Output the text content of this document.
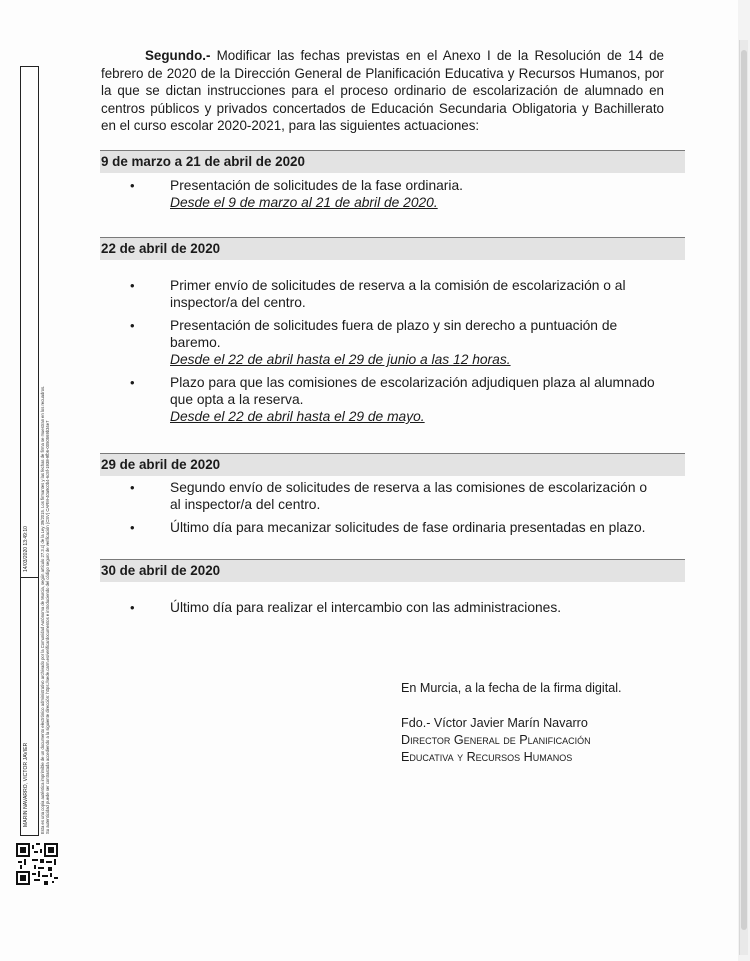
MARIN NAVARRO, VICTOR JAVIER
14/03/2020 13:49:10	Esta es una copia auténtica imprimible de un documento electrónico administrativo archivado por la Comunidad Autónoma de Murcia, según artículo 27.3.c) de la Ley 39/2015. Los firmantes y las fechas de firma se muestran en los recuadros. Su autenticidad puede ser contrastada accediendo a la siguiente dirección: https://sede.carm.es/verificardocumentos e introduciendo del código seguro de verificación (CSV) CARM-40a9c0b4-6c5f-1938-9fb6-0050569b34e7

Segundo.- Modificar las fechas previstas en el Anexo I de la Resolución de 14 de febrero de 2020 de la Dirección General de Planificación Educativa y Recursos Humanos, por la que se dictan instrucciones para el proceso ordinario de escolarización de alumnado en centros públicos y privados concertados de Educación Secundaria Obligatoria y Bachillerato en el curso escolar 2020-2021, para las siguientes actuaciones:

9 de marzo a 21 de abril de 2020
•	Presentación de solicitudes de la fase ordinaria.
Desde el 9 de marzo al 21 de abril de 2020.
22 de abril de 2020
•	Primer envío de solicitudes de reserva a la comisión de escolarización o al inspector/a del centro.
•	Presentación de solicitudes fuera de plazo y sin derecho a puntuación de baremo.
Desde el 22 de abril hasta el 29 de junio a las 12 horas.
•	Plazo para que las comisiones de escolarización adjudiquen plaza al alumnado que opta a la reserva.
Desde el 22 de abril hasta el 29 de mayo.
29 de abril de 2020
•	Segundo envío de solicitudes de reserva a las comisiones de escolarización o al inspector/a del centro.
•	Último día para mecanizar solicitudes de fase ordinaria presentadas en plazo.
30 de abril de 2020
•	Último día para realizar el intercambio con las administraciones.
En Murcia, a la fecha de la firma digital.
Fdo.- Víctor Javier Marín Navarro
Director General de Planificación
Educativa y Recursos Humanos
